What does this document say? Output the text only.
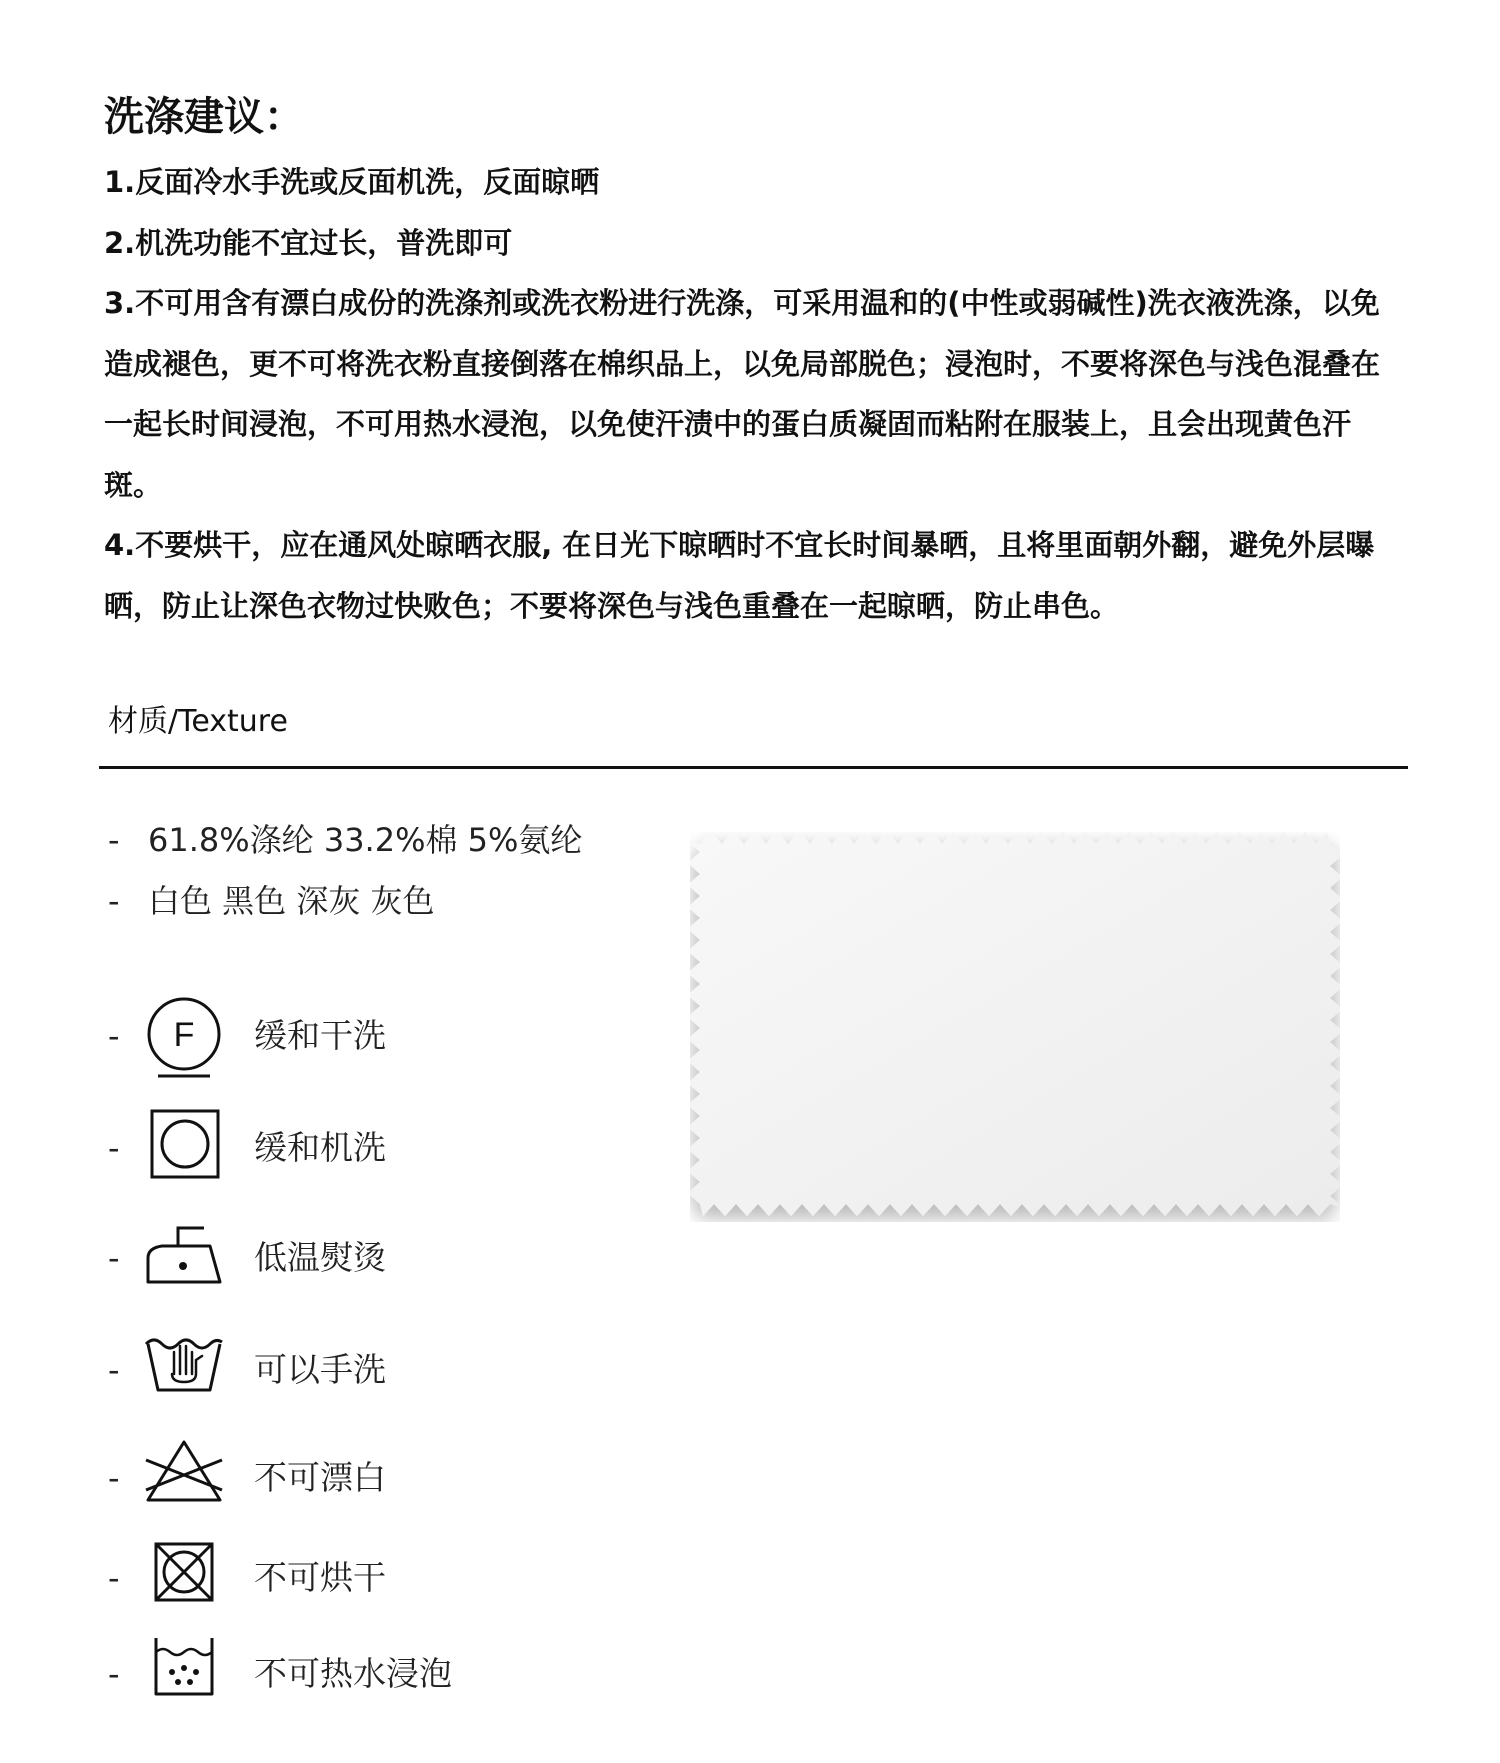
洗涤建议：

1.反面冷水手洗或反面机洗，反面晾晒

2.机洗功能不宜过长，普洗即可

3.不可用含有漂白成份的洗涤剂或洗衣粉进行洗涤，可采用温和的(中性或弱碱性)洗衣液洗涤，以免造成褪色，更不可将洗衣粉直接倒落在棉织品上，以免局部脱色；浸泡时，不要将深色与浅色混叠在一起长时间浸泡，不可用热水浸泡，以免使汗渍中的蛋白质凝固而粘附在服装上，且会出现黄色汗斑。

4.不要烘干，应在通风处晾晒衣服, 在日光下晾晒时不宜长时间暴晒，且将里面朝外翻，避免外层曝晒，防止让深色衣物过快败色；不要将深色与浅色重叠在一起晾晒，防止串色。

材质/Texture
- 61.8%涤纶 33.2%棉 5%氨纶
- 白色 黑色 深灰 灰色
- F 缓和干洗
-	缓和机洗
-	低温熨烫
-	可以手洗
-	不可漂白
-	不可烘干
-	不可热水浸泡
